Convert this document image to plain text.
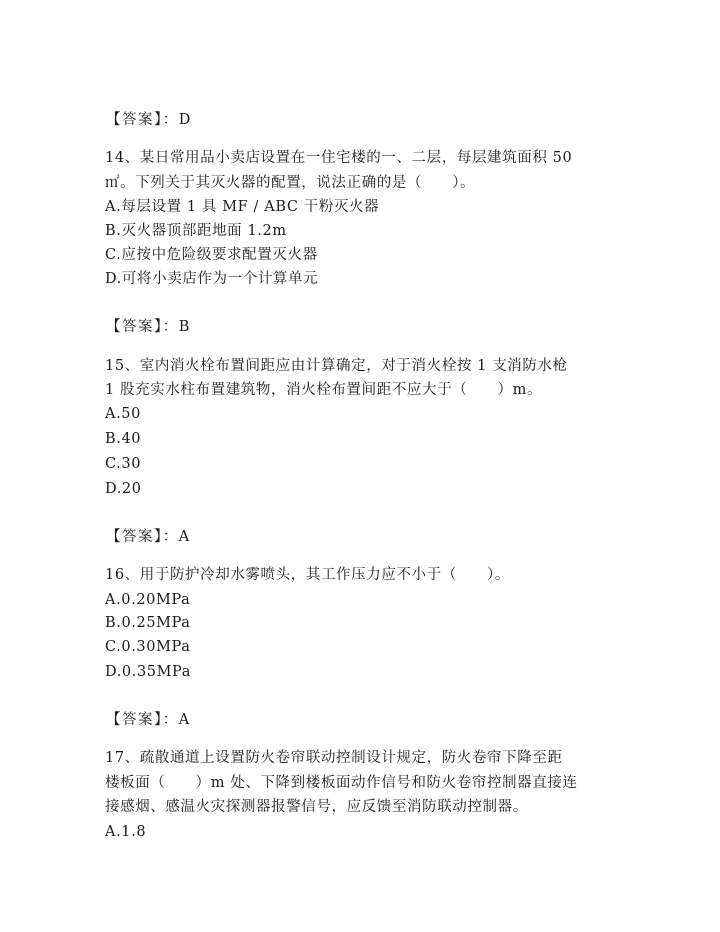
【答案】：D
14、某日常用品小卖店设置在一住宅楼的一、二层，每层建筑面积 50
㎡。下列关于其灭火器的配置，说法正确的是（　　）。
A.每层设置 1 具 MF / ABC 干粉灭火器
B.灭火器顶部距地面 1.2m
C.应按中危险级要求配置灭火器
D.可将小卖店作为一个计算单元
【答案】：B
15、室内消火栓布置间距应由计算确定，对于消火栓按 1 支消防水枪
1 股充实水柱布置建筑物，消火栓布置间距不应大于（　　）m。
A.50
B.40
C.30
D.20
【答案】：A
16、用于防护冷却水雾喷头，其工作压力应不小于（　　）。
A.0.20MPa
B.0.25MPa
C.0.30MPa
D.0.35MPa
【答案】：A
17、疏散通道上设置防火卷帘联动控制设计规定，防火卷帘下降至距
楼板面（　　）m 处、下降到楼板面动作信号和防火卷帘控制器直接连
接感烟、感温火灾探测器报警信号，应反馈至消防联动控制器。
A.1.8
